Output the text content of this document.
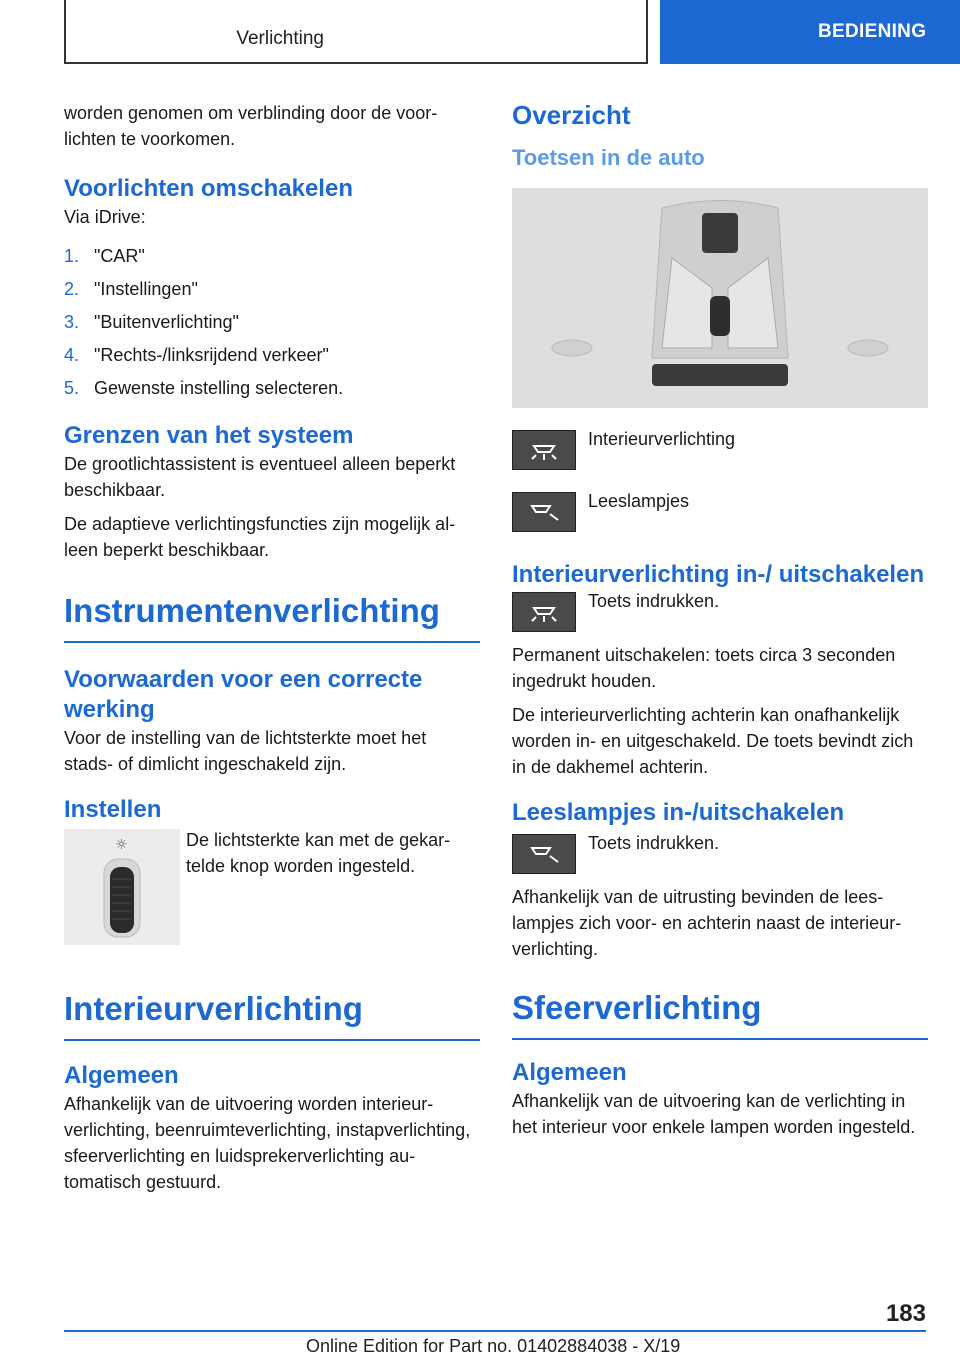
Verlichting	BEDIENING

worden genomen om verblinding door de voorlichten te voorkomen.

Voorlichten omschakelen

Via iDrive:

1. "CAR"
2. "Instellingen"
3. "Buitenverlichting"
4. "Rechts-/linksrijdend verkeer"
5. Gewenste instelling selecteren.
Grenzen van het systeem

De grootlichtassistent is eventueel alleen beperkt beschikbaar.

De adaptieve verlichtingsfuncties zijn mogelijk alleen beperkt beschikbaar.

Instrumentenverlichting
Voorwaarden voor een correcte werking

Voor de instelling van de lichtsterkte moet het stads- of dimlicht ingeschakeld zijn.

Instellen
☼	De lichtsterkte kan met de gekartelde knop worden ingesteld.

Interieurverlichting
Algemeen

Afhankelijk van de uitvoering worden interieurverlichting, beenruimteverlichting, instapverlichting, sfeerverlichting en luidsprekerverlichting automatisch gestuurd.

Overzicht
Toetsen in de auto

Interieurverlichting

Leeslampjes

Interieurverlichting in-/ uitschakelen

Toets indrukken.

Permanent uitschakelen: toets circa 3 seconden ingedrukt houden.

De interieurverlichting achterin kan onafhankelijk worden in- en uitgeschakeld. De toets bevindt zich in de dakhemel achterin.

Leeslampjes in-/uitschakelen

Toets indrukken.

Afhankelijk van de uitrusting bevinden de leeslampjes zich voor- en achterin naast de interieurverlichting.

Sfeerverlichting
Algemeen

Afhankelijk van de uitvoering kan de verlichting in het interieur voor enkele lampen worden ingesteld.

183
Online Edition for Part no. 01402884038 - X/19
